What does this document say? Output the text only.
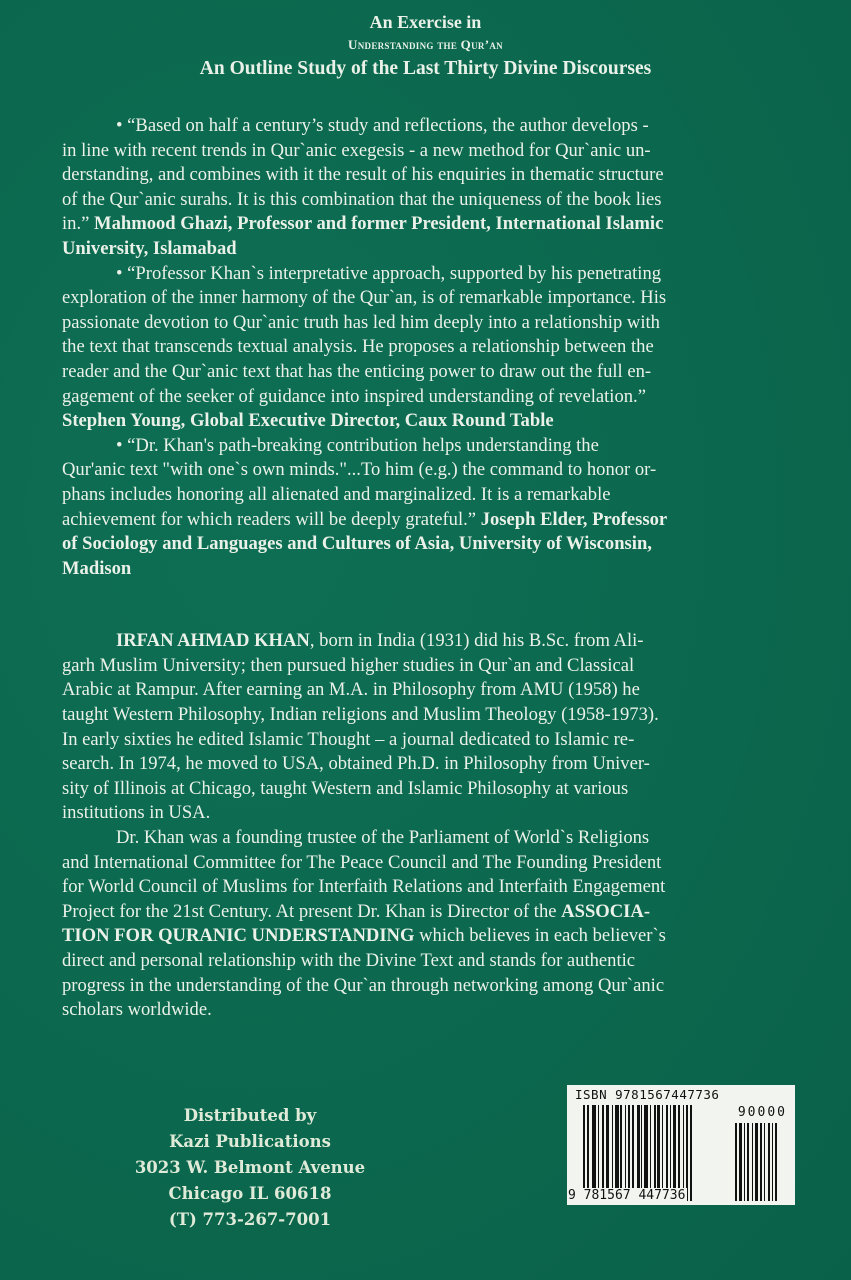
An Exercise in
Understanding the Qur’an
An Outline Study of the Last Thirty Divine Discourses
• “Based on half a century’s study and reflections, the author develops -
in line with recent trends in Qur`anic exegesis - a new method for Qur`anic un-
derstanding, and combines with it the result of his enquiries in thematic structure
of the Qur`anic surahs. It is this combination that the uniqueness of the book lies
in.” Mahmood Ghazi, Professor and former President, International Islamic
University, Islamabad
• “Professor Khan`s interpretative approach, supported by his penetrating
exploration of the inner harmony of the Qur`an, is of remarkable importance. His
passionate devotion to Qur`anic truth has led him deeply into a relationship with
the text that transcends textual analysis. He proposes a relationship between the
reader and the Qur`anic text that has the enticing power to draw out the full en-
gagement of the seeker of guidance into inspired understanding of revelation.”
Stephen Young, Global Executive Director, Caux Round Table
• “Dr. Khan's path-breaking contribution helps understanding the
Qur'anic text "with one`s own minds."...To him (e.g.) the command to honor or-
phans includes honoring all alienated and marginalized. It is a remarkable
achievement for which readers will be deeply grateful.” Joseph Elder, Professor
of Sociology and Languages and Cultures of Asia, University of Wisconsin,
Madison
IRFAN AHMAD KHAN, born in India (1931) did his B.Sc. from Ali-
garh Muslim University; then pursued higher studies in Qur`an and Classical
Arabic at Rampur. After earning an M.A. in Philosophy from AMU (1958) he
taught Western Philosophy, Indian religions and Muslim Theology (1958-1973).
In early sixties he edited Islamic Thought – a journal dedicated to Islamic re-
search. In 1974, he moved to USA, obtained Ph.D. in Philosophy from Univer-
sity of Illinois at Chicago, taught Western and Islamic Philosophy at various
institutions in USA.
Dr. Khan was a founding trustee of the Parliament of World`s Religions
and International Committee for The Peace Council and The Founding President
for World Council of Muslims for Interfaith Relations and Interfaith Engagement
Project for the 21st Century. At present Dr. Khan is Director of the ASSOCIA-
TION FOR QURANIC UNDERSTANDING which believes in each believer`s
direct and personal relationship with the Divine Text and stands for authentic
progress in the understanding of the Qur`an through networking among Qur`anic
scholars worldwide.
Distributed by
Kazi Publications
3023 W. Belmont Avenue
Chicago IL 60618
(T) 773-267-7001
ISBN 9781567447736
90000
9 781567 447736
